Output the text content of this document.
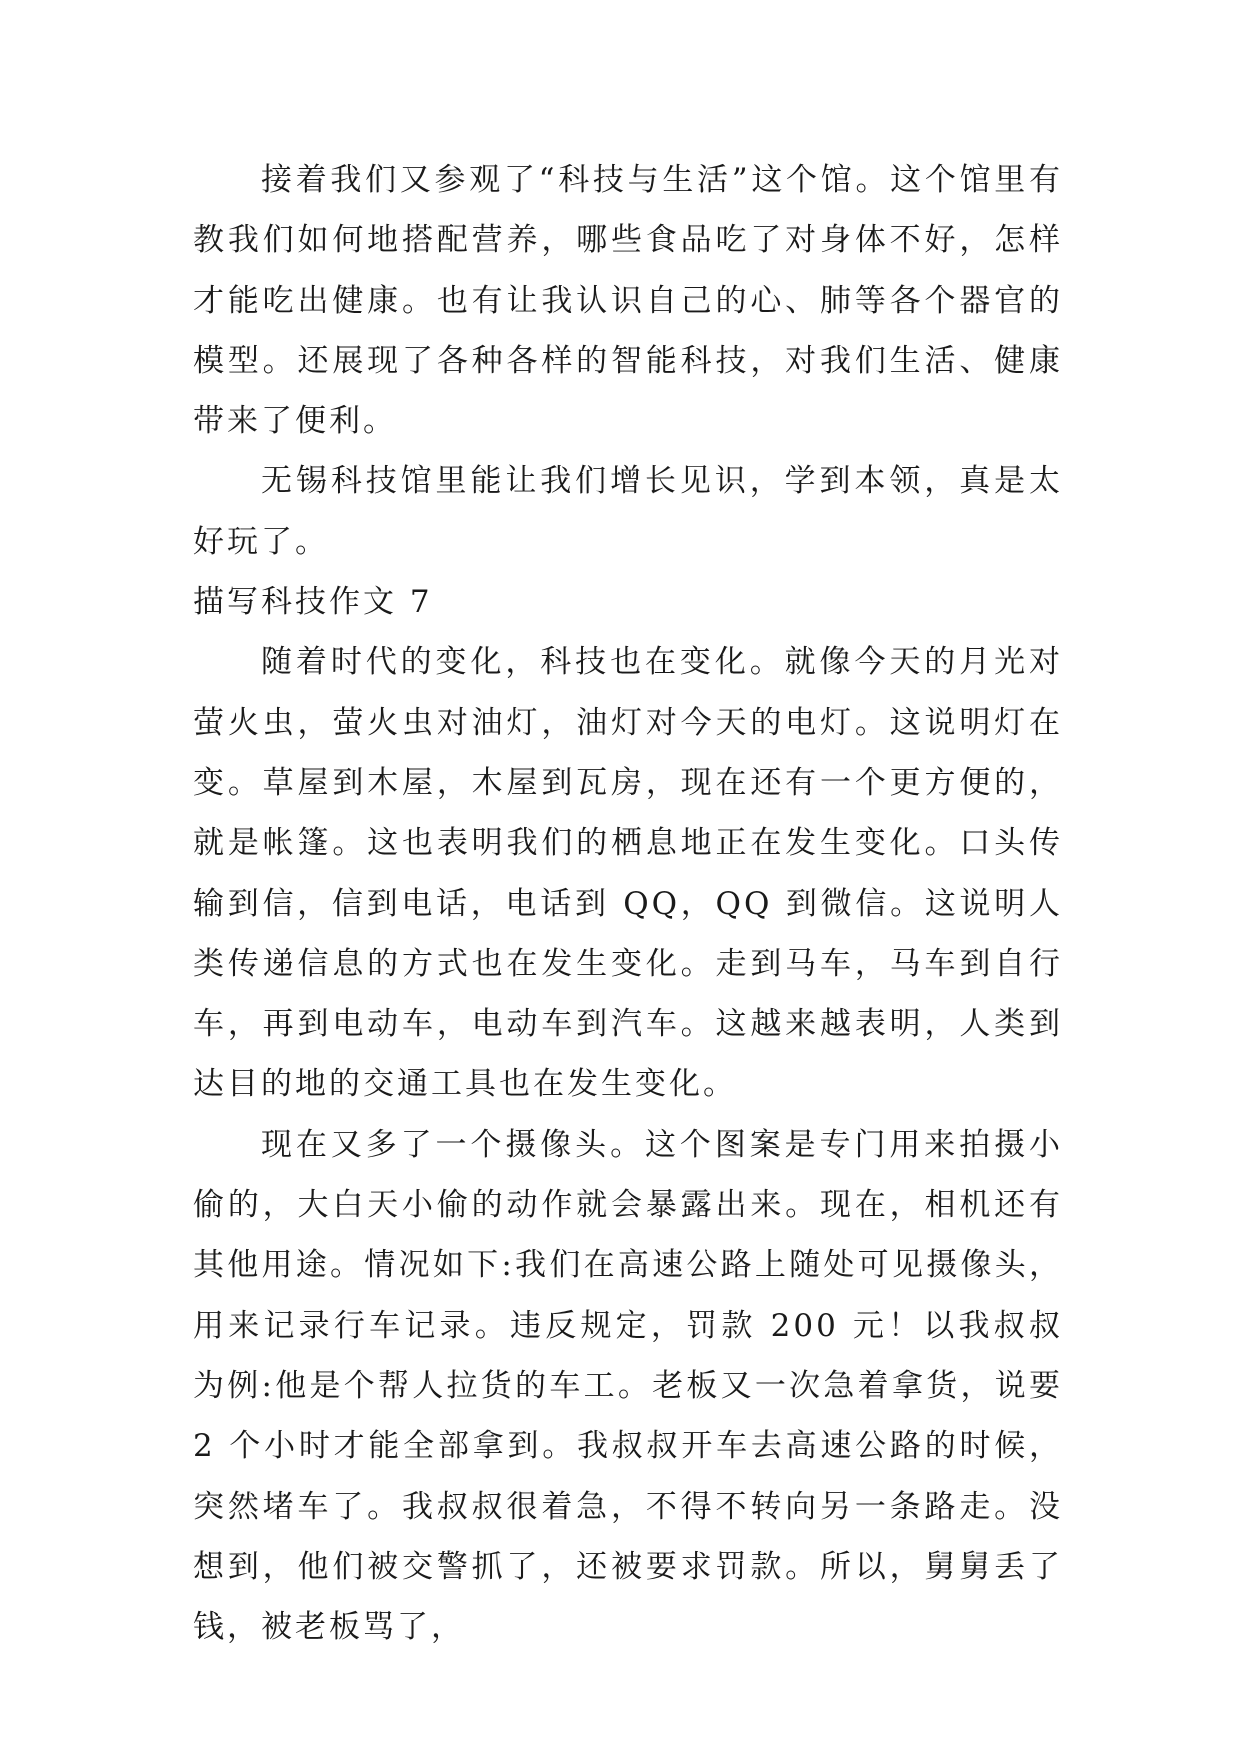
接着我们又参观了“科技与生活”这个馆。这个馆里有教我们如何地搭配营养，哪些食品吃了对身体不好，怎样才能吃出健康。也有让我认识自己的心、肺等各个器官的模型。还展现了各种各样的智能科技，对我们生活、健康带来了便利。

无锡科技馆里能让我们增长见识，学到本领，真是太好玩了。

描写科技作文 7

随着时代的变化，科技也在变化。就像今天的月光对萤火虫，萤火虫对油灯，油灯对今天的电灯。这说明灯在变。草屋到木屋，木屋到瓦房，现在还有一个更方便的，就是帐篷。这也表明我们的栖息地正在发生变化。口头传输到信，信到电话，电话到 QQ，QQ 到微信。这说明人类传递信息的方式也在发生变化。走到马车，马车到自行车，再到电动车，电动车到汽车。这越来越表明，人类到达目的地的交通工具也在发生变化。

现在又多了一个摄像头。这个图案是专门用来拍摄小偷的，大白天小偷的动作就会暴露出来。现在，相机还有其他用途。情况如下:我们在高速公路上随处可见摄像头，用来记录行车记录。违反规定，罚款 200 元！以我叔叔为例:他是个帮人拉货的车工。老板又一次急着拿货，说要 2 个小时才能全部拿到。我叔叔开车去高速公路的时候，突然堵车了。我叔叔很着急，不得不转向另一条路走。没想到，他们被交警抓了，还被要求罚款。所以，舅舅丢了钱，被老板骂了，
